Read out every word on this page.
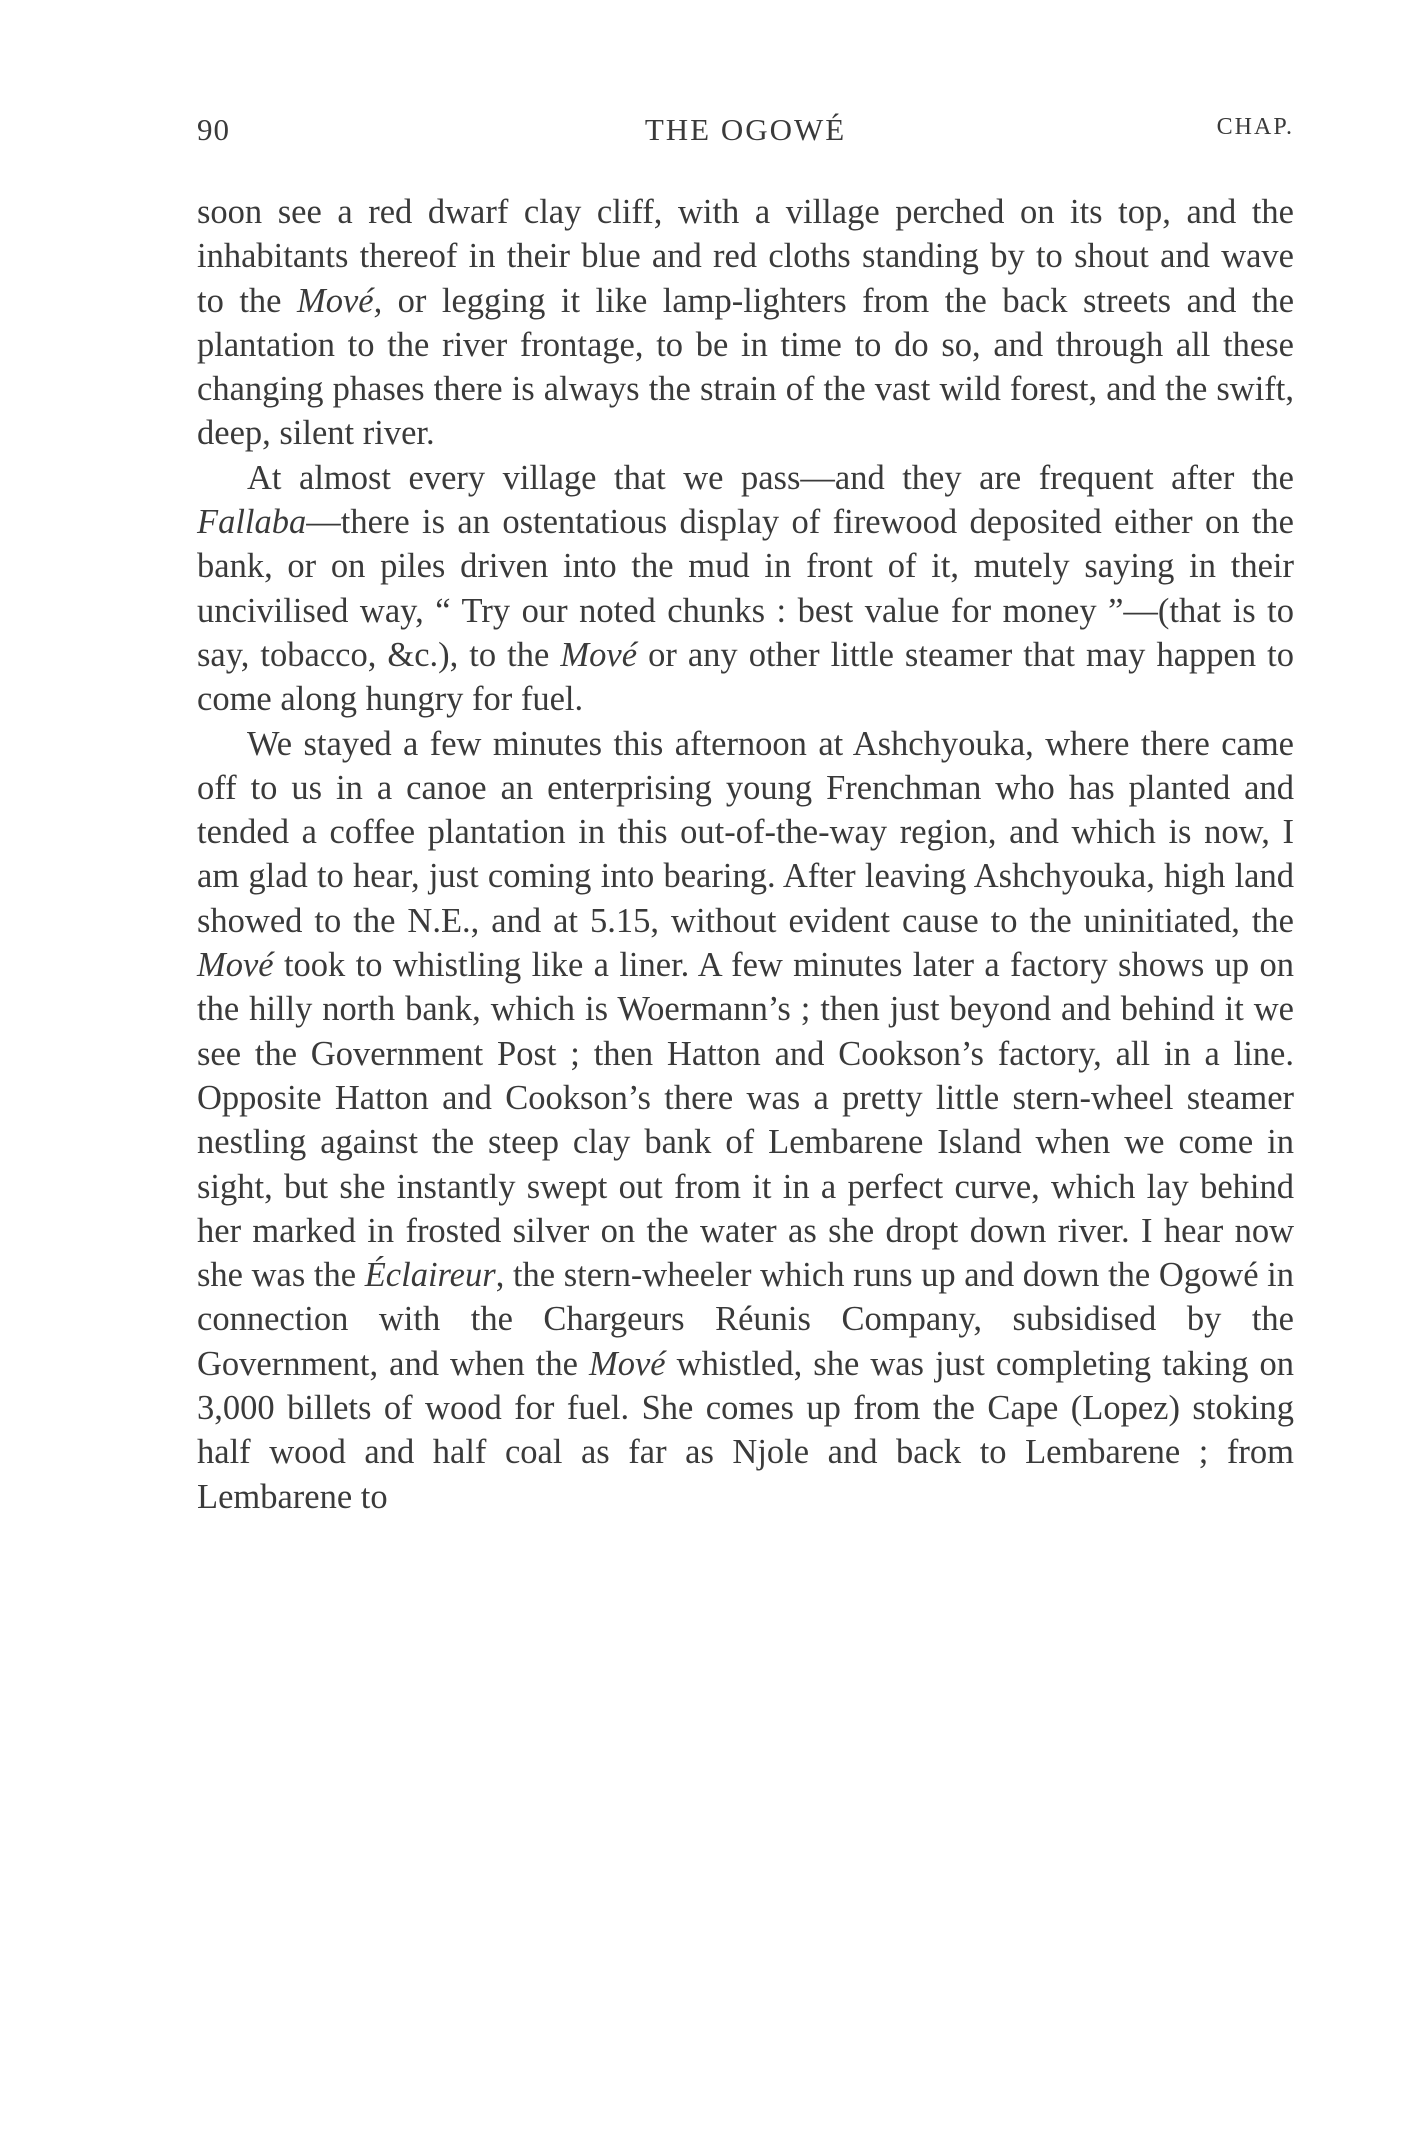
90	THE OGOWÉ	CHAP.

soon see a red dwarf clay cliff, with a village perched on its top, and the inhabitants thereof in their blue and red cloths standing by to shout and wave to the Mové, or legging it like lamp-lighters from the back streets and the plantation to the river frontage, to be in time to do so, and through all these changing phases there is always the strain of the vast wild forest, and the swift, deep, silent river.

At almost every village that we pass—and they are frequent after the Fallaba—there is an ostentatious display of firewood deposited either on the bank, or on piles driven into the mud in front of it, mutely saying in their uncivilised way, “ Try our noted chunks : best value for money ”—(that is to say, tobacco, &c.), to the Mové or any other little steamer that may happen to come along hungry for fuel.

We stayed a few minutes this afternoon at Ashchyouka, where there came off to us in a canoe an enterprising young Frenchman who has planted and tended a coffee plantation in this out-of-the-way region, and which is now, I am glad to hear, just coming into bearing. After leaving Ashchyouka, high land showed to the N.E., and at 5.15, without evident cause to the uninitiated, the Mové took to whistling like a liner. A few minutes later a factory shows up on the hilly north bank, which is Woermann’s ; then just beyond and behind it we see the Government Post ; then Hatton and Cookson’s factory, all in a line. Opposite Hatton and Cookson’s there was a pretty little stern-wheel steamer nestling against the steep clay bank of Lembarene Island when we come in sight, but she instantly swept out from it in a perfect curve, which lay behind her marked in frosted silver on the water as she dropt down river. I hear now she was the Éclaireur, the stern-wheeler which runs up and down the Ogowé in connection with the Chargeurs Réunis Company, subsidised by the Government, and when the Mové whistled, she was just completing taking on 3,000 billets of wood for fuel. She comes up from the Cape (Lopez) stoking half wood and half coal as far as Njole and back to Lembarene ; from Lembarene to
